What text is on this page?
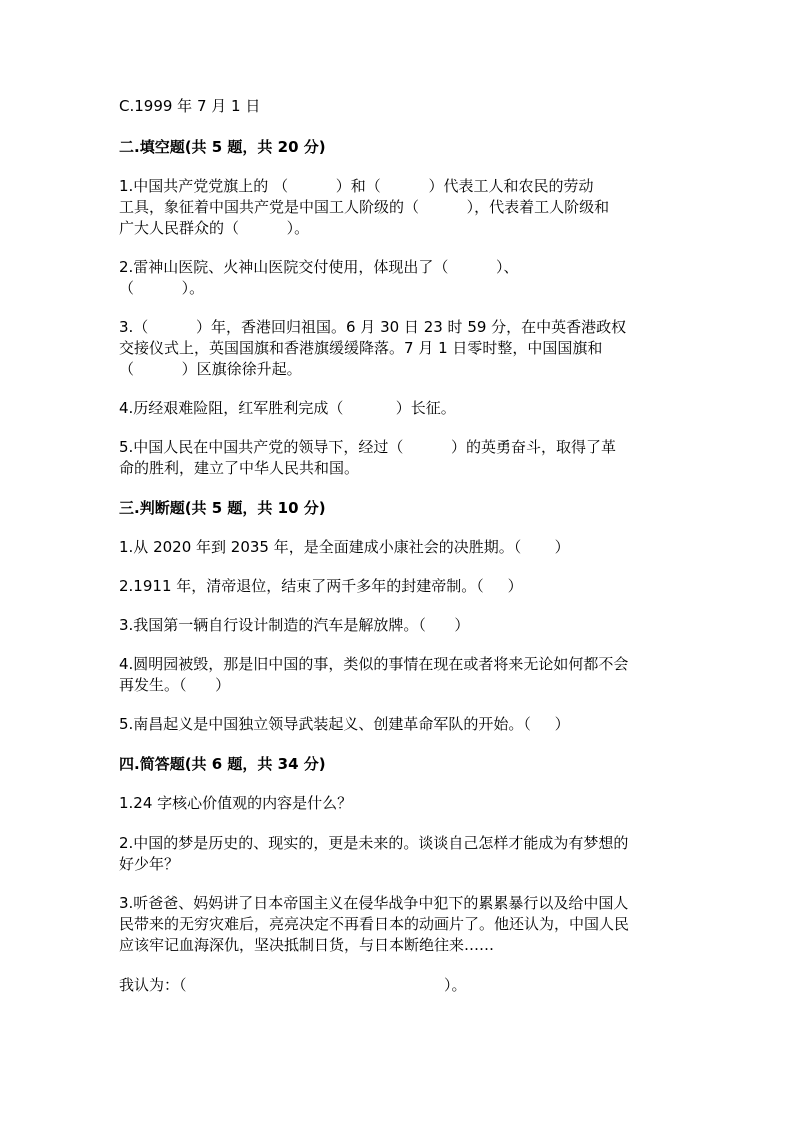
C.1999 年 7 月 1 日
二.填空题(共 5 题，共 20 分)
1.中国共产党党旗上的 （          ）和（          ）代表工人和农民的劳动
工具，象征着中国共产党是中国工人阶级的（          ），代表着工人阶级和
广大人民群众的（          ）。
2.雷神山医院、火神山医院交付使用，体现出了（          ）、
（          ）。
3.（          ）年，香港回归祖国。6 月 30 日 23 时 59 分，在中英香港政权
交接仪式上，英国国旗和香港旗缓缓降落。7 月 1 日零时整，中国国旗和
（          ）区旗徐徐升起。
4.历经艰难险阻，红军胜利完成（           ）长征。
5.中国人民在中国共产党的领导下，经过（          ）的英勇奋斗，取得了革
命的胜利，建立了中华人民共和国。
三.判断题(共 5 题，共 10 分)
1.从 2020 年到 2035 年，是全面建成小康社会的决胜期。（       ）
2.1911 年，清帝退位，结束了两千多年的封建帝制。（     ）
3.我国第一辆自行设计制造的汽车是解放牌。（      ）
4.圆明园被毁，那是旧中国的事，类似的事情在现在或者将来无论如何都不会
再发生。（      ）
5.南昌起义是中国独立领导武装起义、创建革命军队的开始。（     ）
四.简答题(共 6 题，共 34 分)
1.24 字核心价值观的内容是什么？
2.中国的梦是历史的、现实的，更是未来的。谈谈自己怎样才能成为有梦想的
好少年？
3.听爸爸、妈妈讲了日本帝国主义在侵华战争中犯下的累累暴行以及给中国人
民带来的无穷灾难后，亮亮决定不再看日本的动画片了。他还认为，中国人民
应该牢记血海深仇，坚决抵制日货，与日本断绝往来……
我认为：（                                                      ）。
